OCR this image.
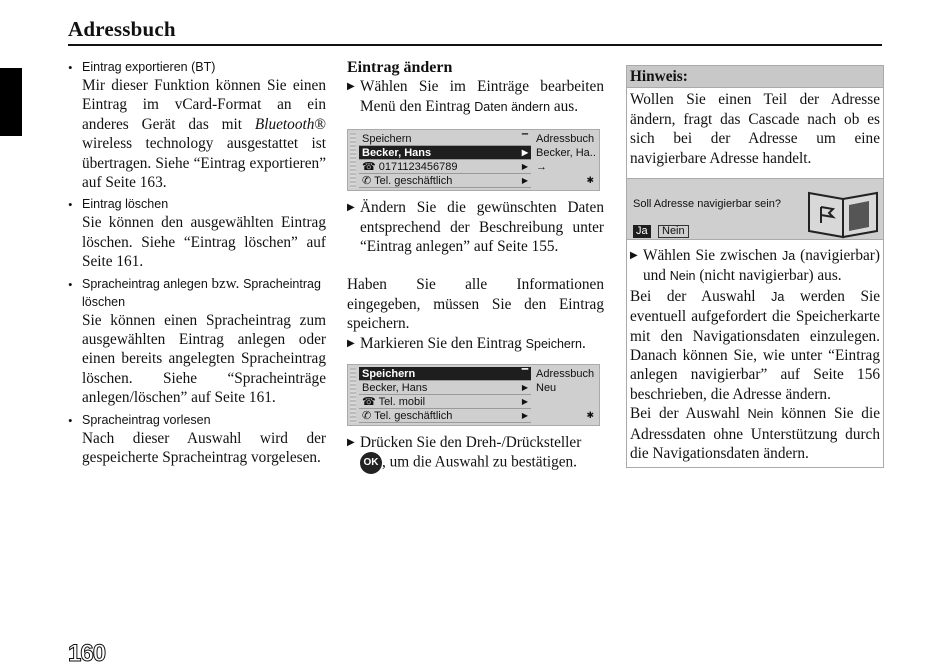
Adressbuch
• Eintrag exportieren (BT)
Mir dieser Funktion können Sie einen Eintrag im vCard-Format an ein anderes Gerät das mit Bluetooth® wireless technology ausgestattet ist übertragen. Siehe “Eintrag exportieren” auf Seite 163.
• Eintrag löschen
Sie können den ausgewählten Eintrag löschen. Siehe “Eintrag löschen” auf Seite 161.
• Spracheintrag anlegen bzw. Spracheintrag löschen
Sie können einen Spracheintrag zum ausgewählten Eintrag anlegen oder einen bereits angelegten Spracheintrag löschen. Siehe “Spracheinträge anlegen/löschen” auf Seite 161.
• Spracheintrag vorlesen
Nach dieser Auswahl wird der gespeicherte Spracheintrag vorgelesen.
Eintrag ändern
▶ Wählen Sie im Einträge bearbeiten Menü den Eintrag Daten ändern aus.
Speichern	▔
Becker, Hans	▶
☎ 0171123456789	▶
✆ Tel. geschäftlich	▶
Adressbuch
Becker, Ha..
→
✱
▶ Ändern Sie die gewünschten Daten entsprechend der Beschreibung unter “Eintrag anlegen” auf Seite 155.
Haben Sie alle Informationen eingegeben, müssen Sie den Eintrag speichern.
▶ Markieren Sie den Eintrag Speichern.
Speichern	▔
Becker, Hans	▶
☎ Tel. mobil	▶
✆ Tel. geschäftlich	▶
Adressbuch
Neu
✱
▶ Drücken Sie den Dreh-/Drücksteller
OK , um die Auswahl zu bestätigen.
Hinweis:
Wollen Sie einen Teil der Adresse ändern, fragt das Cascade nach ob es sich bei der Adresse um eine navigierbare Adresse handelt.
Soll Adresse navigierbar sein?
Ja	Nein
▶ Wählen Sie zwischen Ja (navigierbar) und Nein (nicht navigierbar) aus.
Bei der Auswahl Ja werden Sie eventuell aufgefordert die Speicherkarte mit den Navigationsdaten einzulegen. Danach können Sie, wie unter “Eintrag anlegen navigierbar” auf Seite 156 beschrieben, die Adresse ändern.
Bei der Auswahl Nein können Sie die Adressdaten ohne Unterstützung durch die Navigationsdaten ändern.
160
